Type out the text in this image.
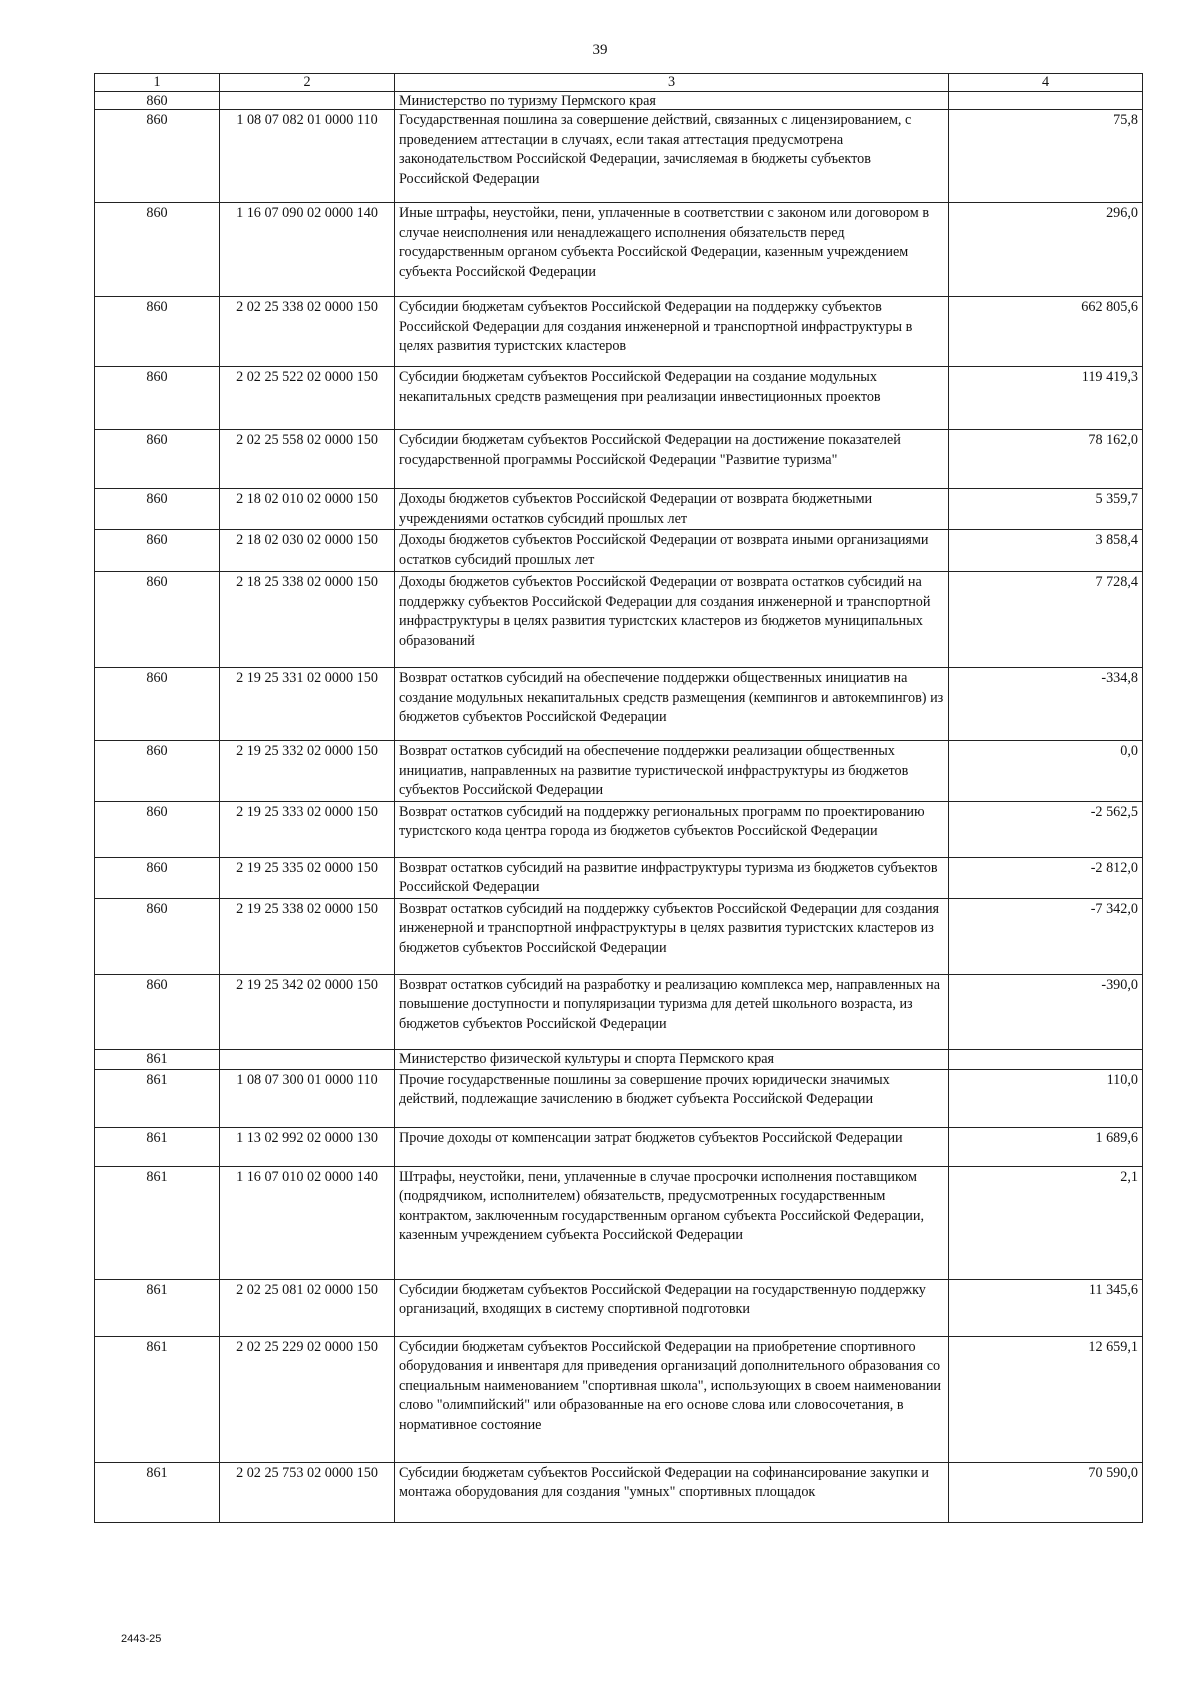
39
1	2	3	4
860		Министерство по туризму Пермского края	
860	1 08 07 082 01 0000 110	Государственная пошлина за совершение действий, связанных с лицензированием, с проведением аттестации в случаях, если такая аттестация предусмотрена законодательством Российской Федерации, зачисляемая в бюджеты субъектов Российской Федерации	75,8
860	1 16 07 090 02 0000 140	Иные штрафы, неустойки, пени, уплаченные в соответствии с законом или договором в случае неисполнения или ненадлежащего исполнения обязательств перед государственным органом субъекта Российской Федерации, казенным учреждением субъекта Российской Федерации	296,0
860	2 02 25 338 02 0000 150	Субсидии бюджетам субъектов Российской Федерации на поддержку субъектов Российской Федерации для создания инженерной и транспортной инфраструктуры в целях развития туристских кластеров	662 805,6
860	2 02 25 522 02 0000 150	Субсидии бюджетам субъектов Российской Федерации на создание модульных некапитальных средств размещения при реализации инвестиционных проектов	119 419,3
860	2 02 25 558 02 0000 150	Субсидии бюджетам субъектов Российской Федерации на достижение показателей государственной программы Российской Федерации "Развитие туризма"	78 162,0
860	2 18 02 010 02 0000 150	Доходы бюджетов субъектов Российской Федерации от возврата бюджетными учреждениями остатков субсидий прошлых лет	5 359,7
860	2 18 02 030 02 0000 150	Доходы бюджетов субъектов Российской Федерации от возврата иными организациями остатков субсидий прошлых лет	3 858,4
860	2 18 25 338 02 0000 150	Доходы бюджетов субъектов Российской Федерации от возврата остатков субсидий на поддержку субъектов Российской Федерации для создания инженерной и транспортной инфраструктуры в целях развития туристских кластеров из бюджетов муниципальных образований	7 728,4
860	2 19 25 331 02 0000 150	Возврат остатков субсидий на обеспечение поддержки общественных инициатив на создание модульных некапитальных средств размещения (кемпингов и автокемпингов) из бюджетов субъектов Российской Федерации	-334,8
860	2 19 25 332 02 0000 150	Возврат остатков субсидий на обеспечение поддержки реализации общественных инициатив, направленных на развитие туристической инфраструктуры из бюджетов субъектов Российской Федерации	0,0
860	2 19 25 333 02 0000 150	Возврат остатков субсидий на поддержку региональных программ по проектированию туристского кода центра города из бюджетов субъектов Российской Федерации	-2 562,5
860	2 19 25 335 02 0000 150	Возврат остатков субсидий на развитие инфраструктуры туризма из бюджетов субъектов Российской Федерации	-2 812,0
860	2 19 25 338 02 0000 150	Возврат остатков субсидий на поддержку субъектов Российской Федерации для создания инженерной и транспортной инфраструктуры в целях развития туристских кластеров из бюджетов субъектов Российской Федерации	-7 342,0
860	2 19 25 342 02 0000 150	Возврат остатков субсидий на разработку и реализацию комплекса мер, направленных на повышение доступности и популяризации туризма для детей школьного возраста, из бюджетов субъектов Российской Федерации	-390,0
861		Министерство физической культуры и спорта Пермского края	
861	1 08 07 300 01 0000 110	Прочие государственные пошлины за совершение прочих юридически значимых действий, подлежащие зачислению в бюджет субъекта Российской Федерации	110,0
861	1 13 02 992 02 0000 130	Прочие доходы от компенсации затрат бюджетов субъектов Российской Федерации	1 689,6
861	1 16 07 010 02 0000 140	Штрафы, неустойки, пени, уплаченные в случае просрочки исполнения поставщиком (подрядчиком, исполнителем) обязательств, предусмотренных государственным контрактом, заключенным государственным органом субъекта Российской Федерации, казенным учреждением субъекта Российской Федерации	2,1
861	2 02 25 081 02 0000 150	Субсидии бюджетам субъектов Российской Федерации на государственную поддержку организаций, входящих в систему спортивной подготовки	11 345,6
861	2 02 25 229 02 0000 150	Субсидии бюджетам субъектов Российской Федерации на приобретение спортивного оборудования и инвентаря для приведения организаций дополнительного образования со специальным наименованием "спортивная школа", использующих в своем наименовании слово "олимпийский" или образованные на его основе слова или словосочетания, в нормативное состояние	12 659,1
861	2 02 25 753 02 0000 150	Субсидии бюджетам субъектов Российской Федерации на софинансирование закупки и монтажа оборудования для создания "умных" спортивных площадок	70 590,0
2443-25
